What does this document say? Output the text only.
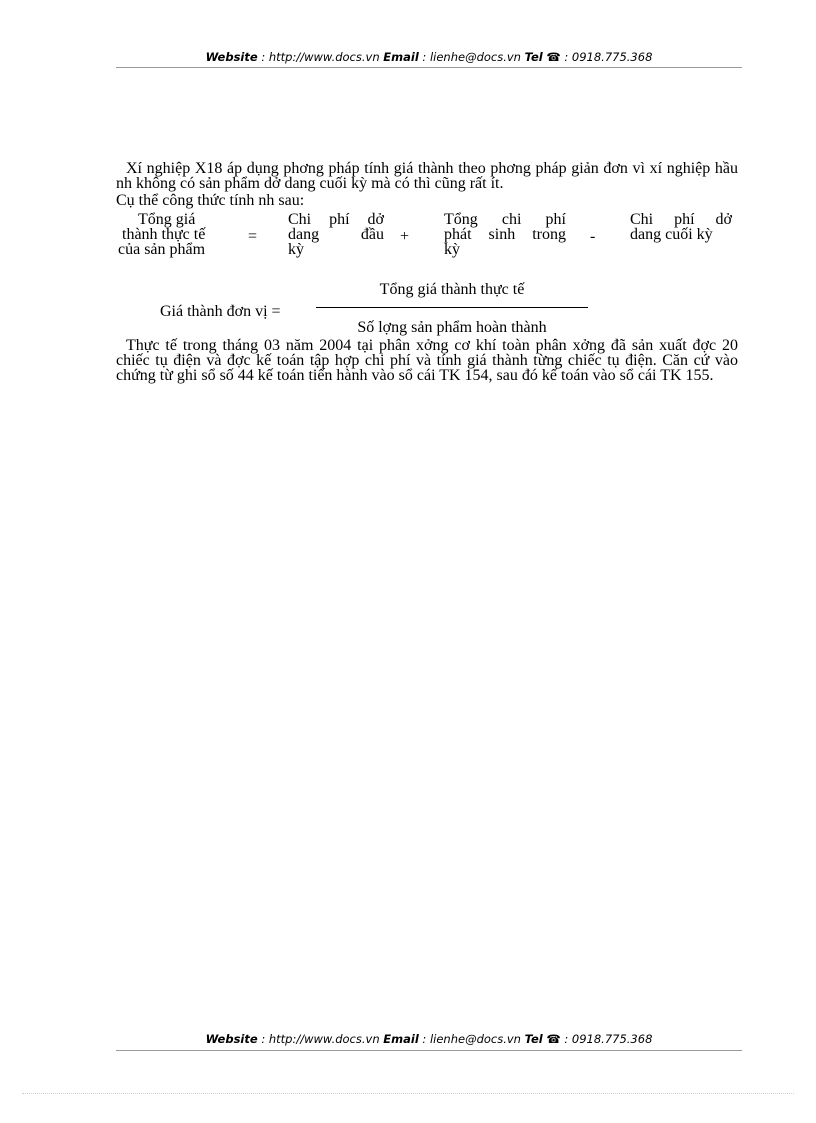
Website : http://www.docs.vn Email : lienhe@docs.vn Tel ☎ : 0918.775.368

Xí nghiệp X18 áp dụng phơng pháp tính giá thành theo phơng pháp giản đơn vì xí nghiệp hầu nh không có sản phẩm dở dang cuối kỳ mà có thì cũng rất ít.

Cụ thể công thức tính nh sau:
Tổng giá
thành thực tế
của sản phẩm
=
Chi phí dở
dang đầu
kỳ
+
Tổng chi phí
phát sinh trong
kỳ
-
Chi phí dở
dang cuối kỳ
Giá thành đơn vị =
Tổng giá thành thực tế
Số lợng sản phẩm hoàn thành

Thực tế trong tháng 03 năm 2004 tại phân xởng cơ khí toàn phân xởng đã sản xuất đợc 20 chiếc tụ điện và đợc kế toán tập hợp chi phí và tính giá thành từng chiếc tụ điện. Căn cứ vào chứng từ ghi sổ số 44 kế toán tiến hành vào sổ cái TK 154, sau đó kế toán vào sổ cái TK 155.

Website : http://www.docs.vn Email : lienhe@docs.vn Tel ☎ : 0918.775.368
